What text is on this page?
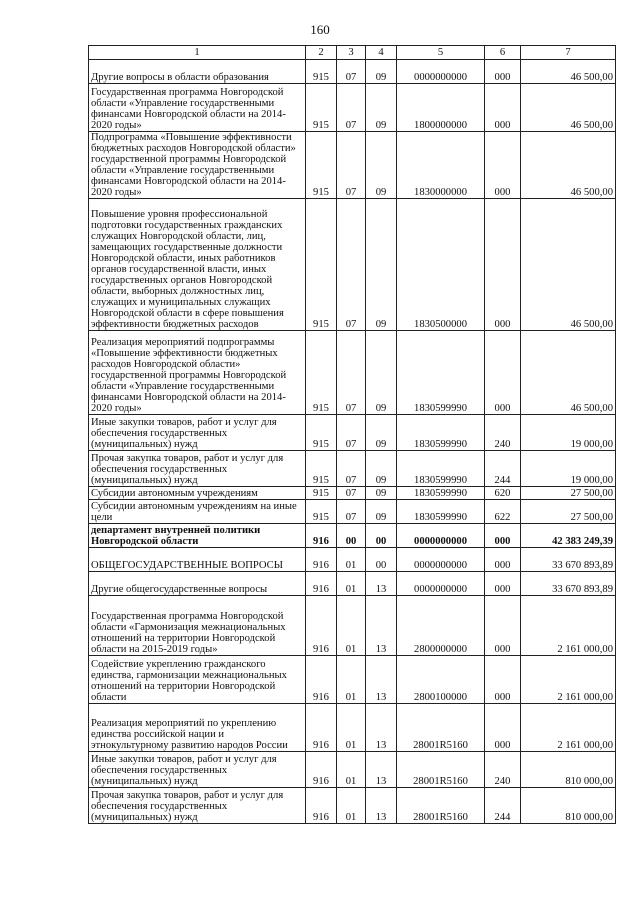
160
1	2	3	4	5	6	7
Другие вопросы в области образования	915	07	09	0000000000	000	46 500,00
Государственная программа Новгородской области «Управление государственными финансами Новгородской области на 2014-2020 годы»	915	07	09	1800000000	000	46 500,00
Подпрограмма «Повышение эффективности бюджетных расходов Новгородской области» государственной программы Новгородской области «Управление государственными финансами Новгородской области на 2014-2020 годы»	915	07	09	1830000000	000	46 500,00
Повышение уровня профессиональной подготовки государственных гражданских служащих Новгородской области, лиц, замещающих государственные должности Новгородской области, иных работников органов государственной власти, иных государственных органов Новгородской области, выборных должностных лиц, служащих и муниципальных служащих Новгородской области в сфере повышения эффективности бюджетных расходов	915	07	09	1830500000	000	46 500,00
Реализация мероприятий подпрограммы «Повышение эффективности бюджетных расходов Новгородской области» государственной программы Новгородской области «Управление государственными финансами Новгородской области на 2014-2020 годы»	915	07	09	1830599990	000	46 500,00
Иные закупки товаров, работ и услуг для обеспечения государственных (муниципальных) нужд	915	07	09	1830599990	240	19 000,00
Прочая закупка товаров, работ и услуг для обеспечения государственных (муниципальных) нужд	915	07	09	1830599990	244	19 000,00
Субсидии автономным учреждениям	915	07	09	1830599990	620	27 500,00
Субсидии автономным учреждениям на иные цели	915	07	09	1830599990	622	27 500,00
департамент внутренней политики Новгородской области	916	00	00	0000000000	000	42 383 249,39
ОБЩЕГОСУДАРСТВЕННЫЕ ВОПРОСЫ	916	01	00	0000000000	000	33 670 893,89
Другие общегосударственные вопросы	916	01	13	0000000000	000	33 670 893,89
Государственная программа Новгородской области «Гармонизация межнациональных отношений на территории Новгородской области на 2015-2019 годы»	916	01	13	2800000000	000	2 161 000,00
Содействие укреплению гражданского единства, гармонизации межнациональных отношений на территории Новгородской области	916	01	13	2800100000	000	2 161 000,00
Реализация мероприятий по укреплению единства российской нации и этнокультурному развитию народов России	916	01	13	28001R5160	000	2 161 000,00
Иные закупки товаров, работ и услуг для обеспечения государственных (муниципальных) нужд	916	01	13	28001R5160	240	810 000,00
Прочая закупка товаров, работ и услуг для обеспечения государственных (муниципальных) нужд	916	01	13	28001R5160	244	810 000,00
